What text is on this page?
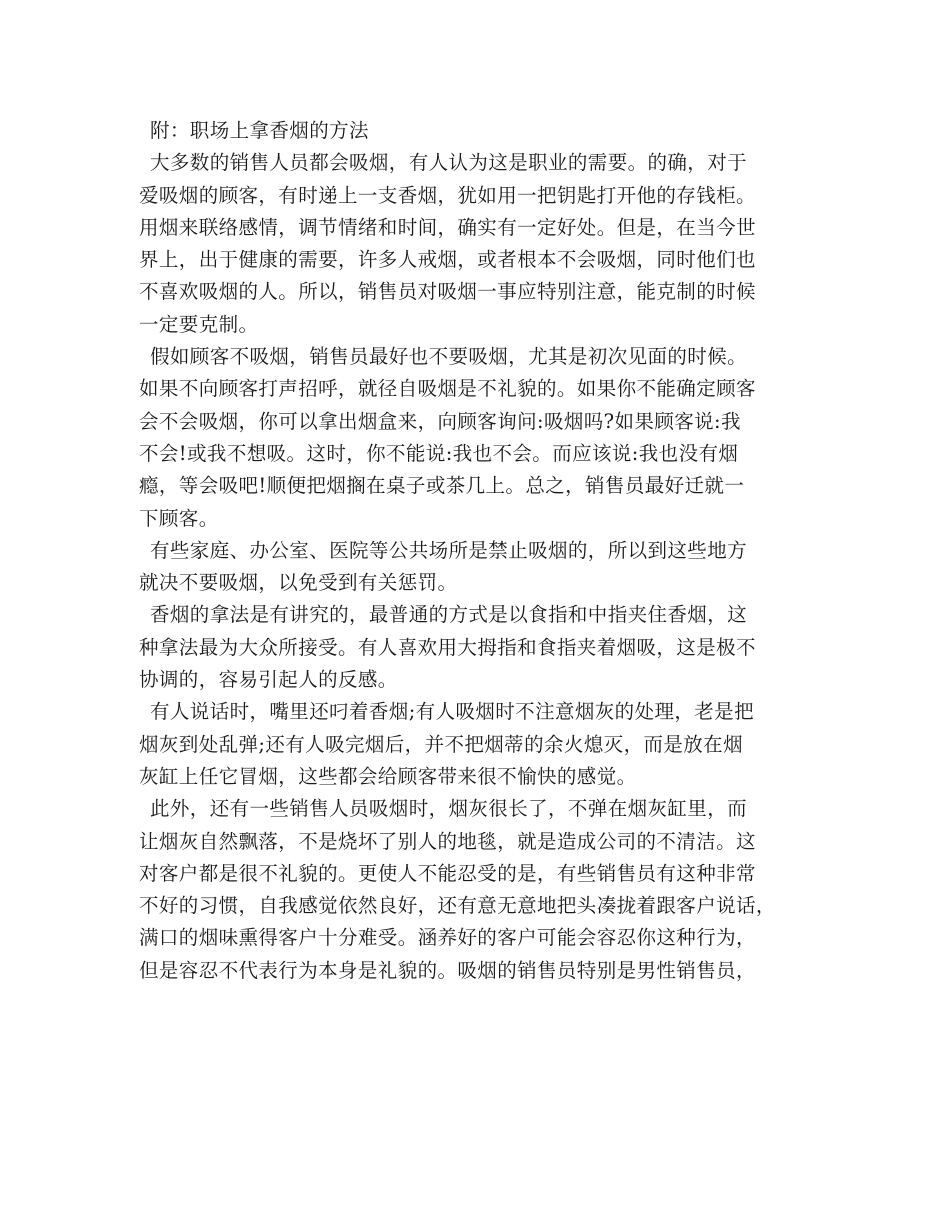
附：职场上拿香烟的方法
大多数的销售人员都会吸烟，有人认为这是职业的需要。的确，对于
爱吸烟的顾客，有时递上一支香烟，犹如用一把钥匙打开他的存钱柜。
用烟来联络感情，调节情绪和时间，确实有一定好处。但是，在当今世
界上，出于健康的需要，许多人戒烟，或者根本不会吸烟，同时他们也
不喜欢吸烟的人。所以，销售员对吸烟一事应特别注意，能克制的时候
一定要克制。
假如顾客不吸烟，销售员最好也不要吸烟，尤其是初次见面的时候。
如果不向顾客打声招呼，就径自吸烟是不礼貌的。如果你不能确定顾客
会不会吸烟，你可以拿出烟盒来，向顾客询问:吸烟吗?如果顾客说:我
不会!或我不想吸。这时，你不能说:我也不会。而应该说:我也没有烟
瘾，等会吸吧!顺便把烟搁在桌子或茶几上。总之，销售员最好迁就一
下顾客。
有些家庭、办公室、医院等公共场所是禁止吸烟的，所以到这些地方
就决不要吸烟，以免受到有关惩罚。
香烟的拿法是有讲究的，最普通的方式是以食指和中指夹住香烟，这
种拿法最为大众所接受。有人喜欢用大拇指和食指夹着烟吸，这是极不
协调的，容易引起人的反感。
有人说话时，嘴里还叼着香烟;有人吸烟时不注意烟灰的处理，老是把
烟灰到处乱弹;还有人吸完烟后，并不把烟蒂的余火熄灭，而是放在烟
灰缸上任它冒烟，这些都会给顾客带来很不愉快的感觉。
此外，还有一些销售人员吸烟时，烟灰很长了，不弹在烟灰缸里，而
让烟灰自然飘落，不是烧坏了别人的地毯，就是造成公司的不清洁。这
对客户都是很不礼貌的。更使人不能忍受的是，有些销售员有这种非常
不好的习惯，自我感觉依然良好，还有意无意地把头凑拢着跟客户说话，
满口的烟味熏得客户十分难受。涵养好的客户可能会容忍你这种行为，
但是容忍不代表行为本身是礼貌的。吸烟的销售员特别是男性销售员，
